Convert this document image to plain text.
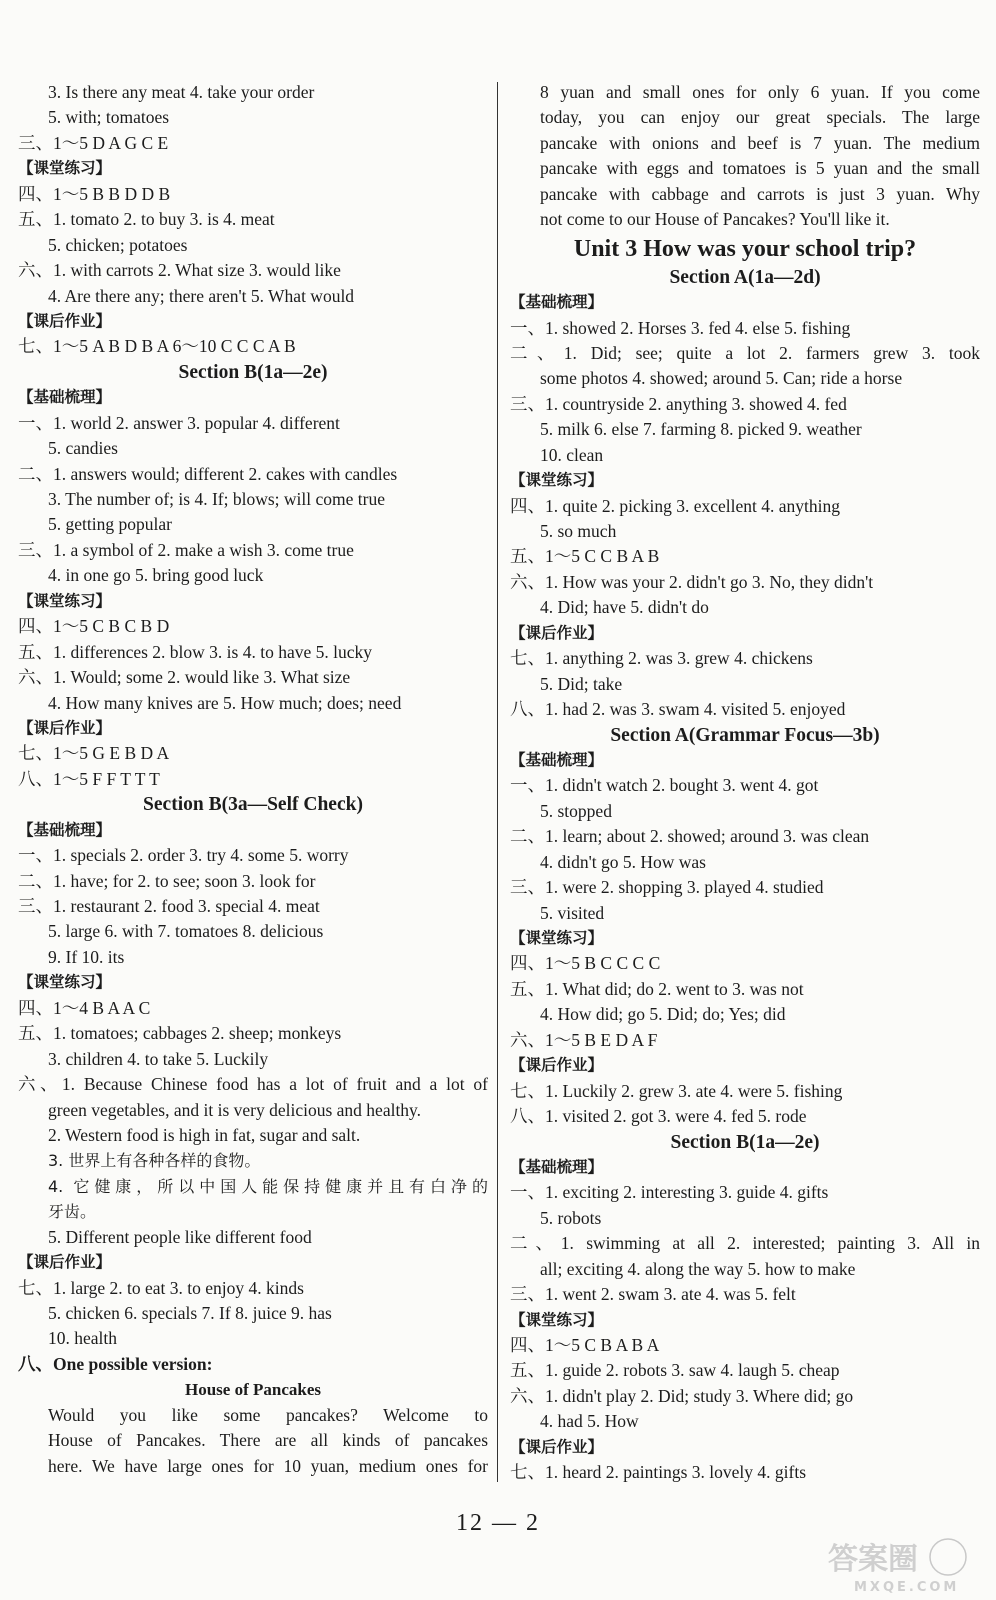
3. Is there any meat 4. take your order
5. with; tomatoes
三、1～5 D A G C E
【课堂练习】
四、1～5 B B D D B
五、1. tomato 2. to buy 3. is 4. meat
5. chicken; potatoes
六、1. with carrots 2. What size 3. would like
4. Are there any; there aren't 5. What would
【课后作业】
七、1～5 A B D B A 6～10 C C C A B
Section B(1a—2e)
【基础梳理】
一、1. world 2. answer 3. popular 4. different
5. candies
二、1. answers would; different 2. cakes with candles
3. The number of; is 4. If; blows; will come true
5. getting popular
三、1. a symbol of 2. make a wish 3. come true
4. in one go 5. bring good luck
【课堂练习】
四、1～5 C B C B D
五、1. differences 2. blow 3. is 4. to have 5. lucky
六、1. Would; some 2. would like 3. What size
4. How many knives are 5. How much; does; need
【课后作业】
七、1～5 G E B D A
八、1～5 F F T T T
Section B(3a—Self Check)
【基础梳理】
一、1. specials 2. order 3. try 4. some 5. worry
二、1. have; for 2. to see; soon 3. look for
三、1. restaurant 2. food 3. special 4. meat
5. large 6. with 7. tomatoes 8. delicious
9. If 10. its
【课堂练习】
四、1～4 B A A C
五、1. tomatoes; cabbages 2. sheep; monkeys
3. children 4. to take 5. Luckily
六、1. Because Chinese food has a lot of fruit and a lot of
green vegetables, and it is very delicious and healthy.
2. Western food is high in fat, sugar and salt.
3. 世界上有各种各样的食物。
4. 它健康，所以中国人能保持健康并且有白净的
牙齿。
5. Different people like different food
【课后作业】
七、1. large 2. to eat 3. to enjoy 4. kinds
5. chicken 6. specials 7. If 8. juice 9. has
10. health
八、One possible version:
House of Pancakes
Would you like some pancakes? Welcome to
House of Pancakes. There are all kinds of pancakes
here. We have large ones for 10 yuan, medium ones for
8 yuan and small ones for only 6 yuan. If you come
today, you can enjoy our great specials. The large
pancake with onions and beef is 7 yuan. The medium
pancake with eggs and tomatoes is 5 yuan and the small
pancake with cabbage and carrots is just 3 yuan. Why
not come to our House of Pancakes? You'll like it.
Unit 3 How was your school trip?
Section A(1a—2d)
【基础梳理】
一、1. showed 2. Horses 3. fed 4. else 5. fishing
二、1. Did; see; quite a lot 2. farmers grew 3. took
some photos 4. showed; around 5. Can; ride a horse
三、1. countryside 2. anything 3. showed 4. fed
5. milk 6. else 7. farming 8. picked 9. weather
10. clean
【课堂练习】
四、1. quite 2. picking 3. excellent 4. anything
5. so much
五、1～5 C C B A B
六、1. How was your 2. didn't go 3. No, they didn't
4. Did; have 5. didn't do
【课后作业】
七、1. anything 2. was 3. grew 4. chickens
5. Did; take
八、1. had 2. was 3. swam 4. visited 5. enjoyed
Section A(Grammar Focus—3b)
【基础梳理】
一、1. didn't watch 2. bought 3. went 4. got
5. stopped
二、1. learn; about 2. showed; around 3. was clean
4. didn't go 5. How was
三、1. were 2. shopping 3. played 4. studied
5. visited
【课堂练习】
四、1～5 B C C C C
五、1. What did; do 2. went to 3. was not
4. How did; go 5. Did; do; Yes; did
六、1～5 B E D A F
【课后作业】
七、1. Luckily 2. grew 3. ate 4. were 5. fishing
八、1. visited 2. got 3. were 4. fed 5. rode
Section B(1a—2e)
【基础梳理】
一、1. exciting 2. interesting 3. guide 4. gifts
5. robots
二、1. swimming at all 2. interested; painting 3. All in
all; exciting 4. along the way 5. how to make
三、1. went 2. swam 3. ate 4. was 5. felt
【课堂练习】
四、1～5 C B A B A
五、1. guide 2. robots 3. saw 4. laugh 5. cheap
六、1. didn't play 2. Did; study 3. Where did; go
4. had 5. How
【课后作业】
七、1. heard 2. paintings 3. lovely 4. gifts
12 — 2
答案圈
MXQE.COM
